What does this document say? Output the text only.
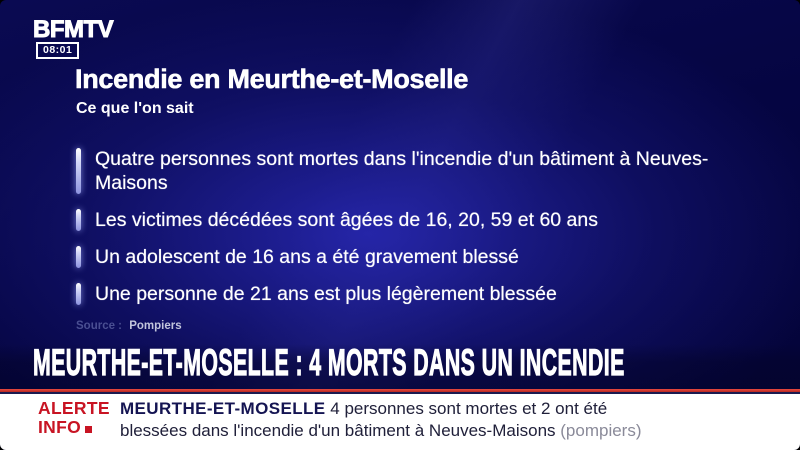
BFMTV
08:01
Incendie en Meurthe-et-Moselle
Ce que l'on sait
Quatre personnes sont mortes dans l'incendie d'un bâtiment à Neuves-Maisons
Les victimes décédées sont âgées de 16, 20, 59 et 60 ans
Un adolescent de 16 ans a été gravement blessé
Une personne de 21 ans est plus légèrement blessée
Source : Pompiers
MEURTHE-ET-MOSELLE : 4 MORTS DANS UN INCENDIE
ALERTE
INFO

MEURTHE-ET-MOSELLE 4 personnes sont mortes et 2 ont été blessées dans l'incendie d'un bâtiment à Neuves-Maisons (pompiers)
